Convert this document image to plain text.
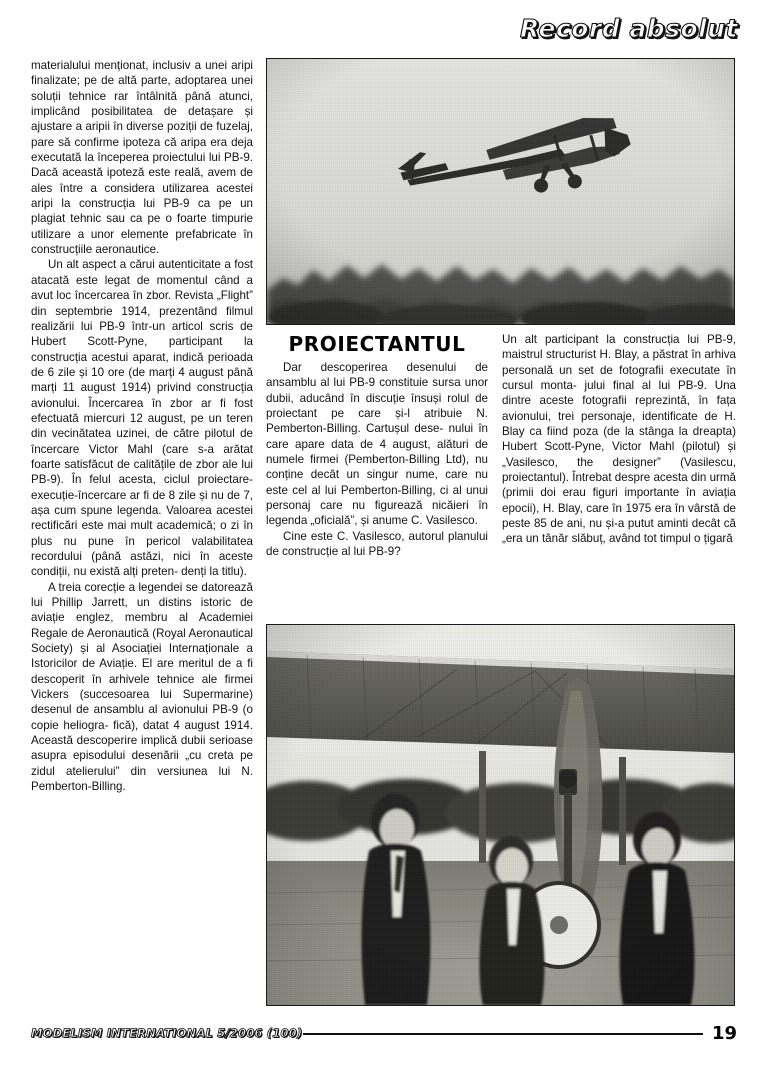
Record absolut

materialului menționat, inclusiv a unei aripi finalizate; pe de altă parte, adoptarea unei soluții tehnice rar întâlnită până atunci, implicând posibilitatea de detașare și ajustare a aripii în diverse poziții de fuzelaj, pare să confirme ipoteza că aripa era deja executată la începerea proiectului lui PB-9. Dacă această ipoteză este reală, avem de ales între a considera utilizarea acestei aripi la construcția lui PB-9 ca pe un plagiat tehnic sau ca pe o foarte timpurie utilizare a unor elemente prefabricate în construcțiile aeronautice.

Un alt aspect a cărui autenticitate a fost atacată este legat de momentul când a avut loc încercarea în zbor. Revista „Flight” din septembrie 1914, prezentând filmul realizării lui PB-9 într-un articol scris de Hubert Scott-Pyne, participant la construcția acestui aparat, indică perioada de 6 zile și 10 ore (de marți 4 august până marți 11 august 1914) privind construcția avionului. Încercarea în zbor ar fi fost efectuată miercuri 12 august, pe un teren din vecinătatea uzinei, de către pilotul de încercare Victor Mahl (care s-a arătat foarte satisfăcut de calitățile de zbor ale lui PB-9). În felul acesta, ciclul proiectare-execuție-încercare ar fi de 8 zile și nu de 7, așa cum spune legenda. Valoarea acestei rectificări este mai mult academică; o zi în plus nu pune în pericol valabilitatea recordului (până astăzi, nici în aceste condiții, nu există alți preten- denți la titlu).

A treia corecție a legendei se datorează lui Phillip Jarrett, un distins istoric de aviație englez, membru al Academiei Regale de Aeronautică (Royal Aeronautical Society) și al Asociației Internaționale a Istoricilor de Aviație. El are meritul de a fi descoperit în arhivele tehnice ale firmei Vickers (succesoarea lui Supermarine) desenul de ansamblu al avionului PB-9 (o copie heliogra- fică), datat 4 august 1914. Această descoperire implică dubii serioase asupra episodului desenării „cu creta pe zidul atelierului” din versiunea lui N. Pemberton-Billing.

PROIECTANTUL

Dar descoperirea desenului de ansamblu al lui PB-9 constituie sursa unor dubii, aducând în discuție însuși rolul de proiectant pe care și-l atribuie N. Pemberton-Billing. Cartușul dese- nului în care apare data de 4 august, alături de numele firmei (Pemberton-Billing Ltd), nu conține decât un singur nume, care nu este cel al lui Pemberton-Billing, ci al unui personaj care nu figurează nicăieri în legenda „oficială”, și anume C. Vasilesco.

Cine este C. Vasilesco, autorul planului de construcție al lui PB-9?

Un alt participant la construcția lui PB-9, maistrul structurist H. Blay, a păstrat în arhiva personală un set de fotografii executate în cursul monta- jului final al lui PB-9. Una dintre aceste fotografii reprezintă, în fața avionului, trei personaje, identificate de H. Blay ca fiind poza (de la stânga la dreapta) Hubert Scott-Pyne, Victor Mahl (pilotul) și „Vasilesco, the designer” (Vasilescu, proiectantul). Întrebat despre acesta din urmă (primii doi erau figuri importante în aviația epocii), H. Blay, care în 1975 era în vârstă de peste 85 de ani, nu și-a putut aminti decât că „era un tânăr slăbuț, având tot timpul o țigară

MODELISM INTERNATIONAL 5/2006 (100)	19
